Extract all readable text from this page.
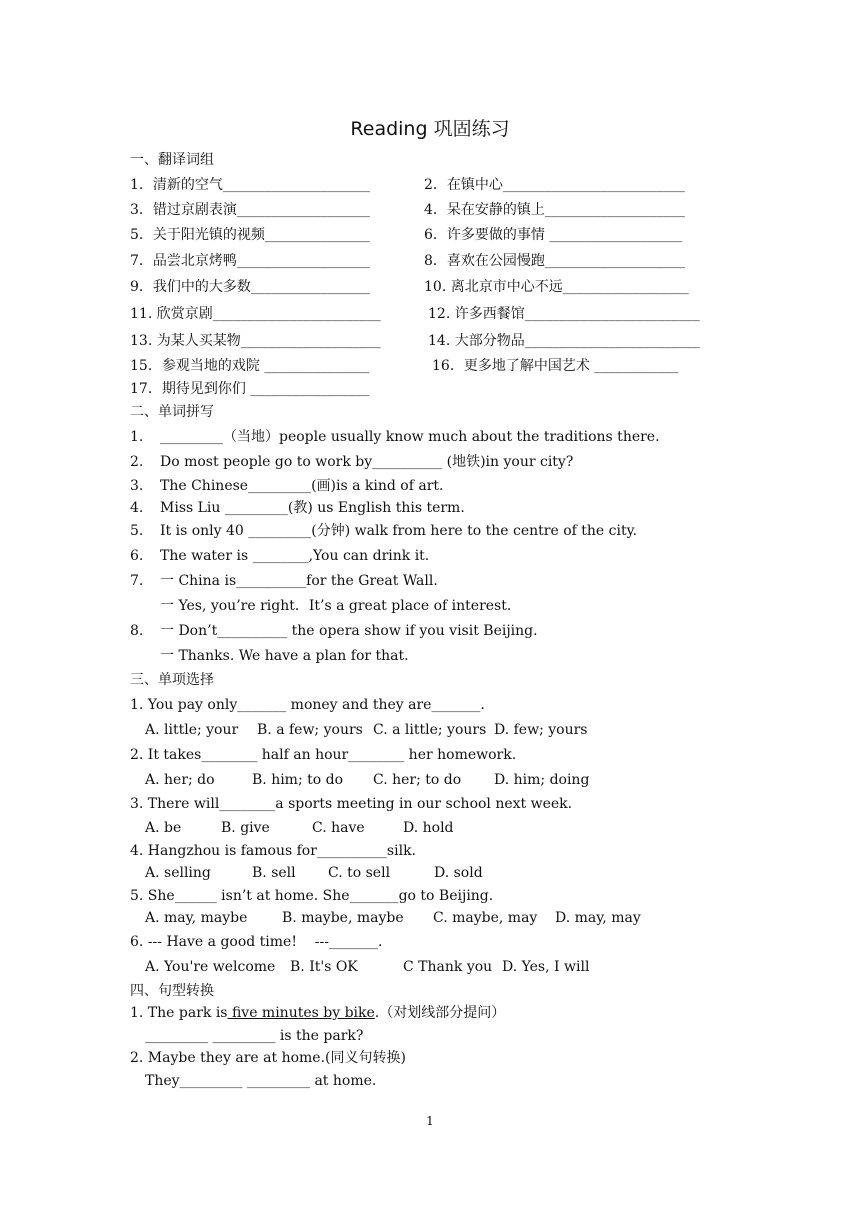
Reading 巩固练习
一、翻译词组
1．清新的空气_____________________	2．在镇中心__________________________
3．错过京剧表演___________________	4．呆在安静的镇上____________________
5．关于阳光镇的视频_______________	6．许多要做的事情 ___________________
7．品尝北京烤鸭___________________	8．喜欢在公园慢跑____________________
9．我们中的大多数_________________	10. 离北京市中心不远__________________
11. 欣赏京剧________________________	12. 许多西餐馆_________________________
13. 为某人买某物____________________	14. 大部分物品_________________________
15．参观当地的戏院 _______________	16．更多地了解中国艺术 ____________
17．期待见到你们 _________________
二、单词拼写
1. _________（当地）people usually know much about the traditions there.
2. Do most people go to work by__________ (地铁)in your city?
3. The Chinese_________(画)is a kind of art.
4. Miss Liu _________(教) us English this term.
5. It is only 40 _________(分钟) walk from here to the centre of the city.
6. The water is ________,You can drink it.
7. 一 China is__________for the Great Wall.
一 Yes, you’re right．It’s a great place of interest.
8. 一 Don’t__________ the opera show if you visit Beijing.
一 Thanks. We have a plan for that.
三、单项选择
1. You pay only_______ money and they are_______.
A. little; your B. a few; yours C. a little; yours D. few; yours
2. It takes________ half an hour________ her homework.
A. her; do	B. him; to do C. her; to do D. him; doing
3. There will________a sports meeting in our school next week.
A. be	B. give	C. have	D. hold
4. Hangzhou is famous for__________silk.
A. selling	B. sell C. to sell	D. sold
5. She______ isn’t at home. She_______go to Beijing.
A. may, maybe B. maybe, maybe C. maybe, may D. may, may
6. --- Have a good time!    ---_______.
A. You're welcome B. It's OK	C Thank you D. Yes, I will
四、句型转换
1. The park is five minutes by bike.（对划线部分提问）
_________ _________ is the park?
2. Maybe they are at home.(同义句转换)
They_________ _________ at home.
1
